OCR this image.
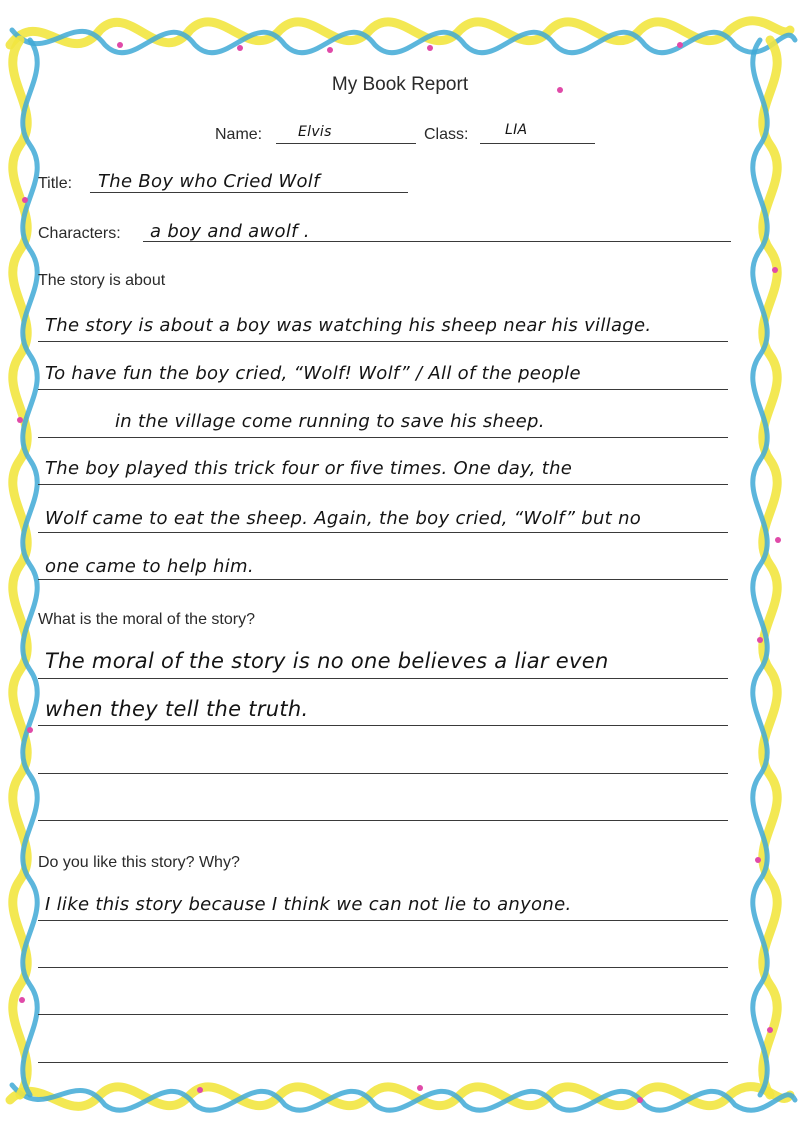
My Book Report
Name:	Elvis	Class:	LIA
Title: The Boy who Cried Wolf
Characters: a boy and awolf .
The story is about
The story is about a boy was watching his sheep near his village.
To have fun the boy cried, “Wolf! Wolf” / All of the people
in the village come running to save his sheep.
The boy played this trick four or five times. One day, the
Wolf came to eat the sheep. Again, the boy cried, “Wolf” but no
one came to help him.
What is the moral of the story?
The moral of the story is no one believes a liar even
when they tell the truth.
Do you like this story? Why?
I like this story because I think we can not lie to anyone.
